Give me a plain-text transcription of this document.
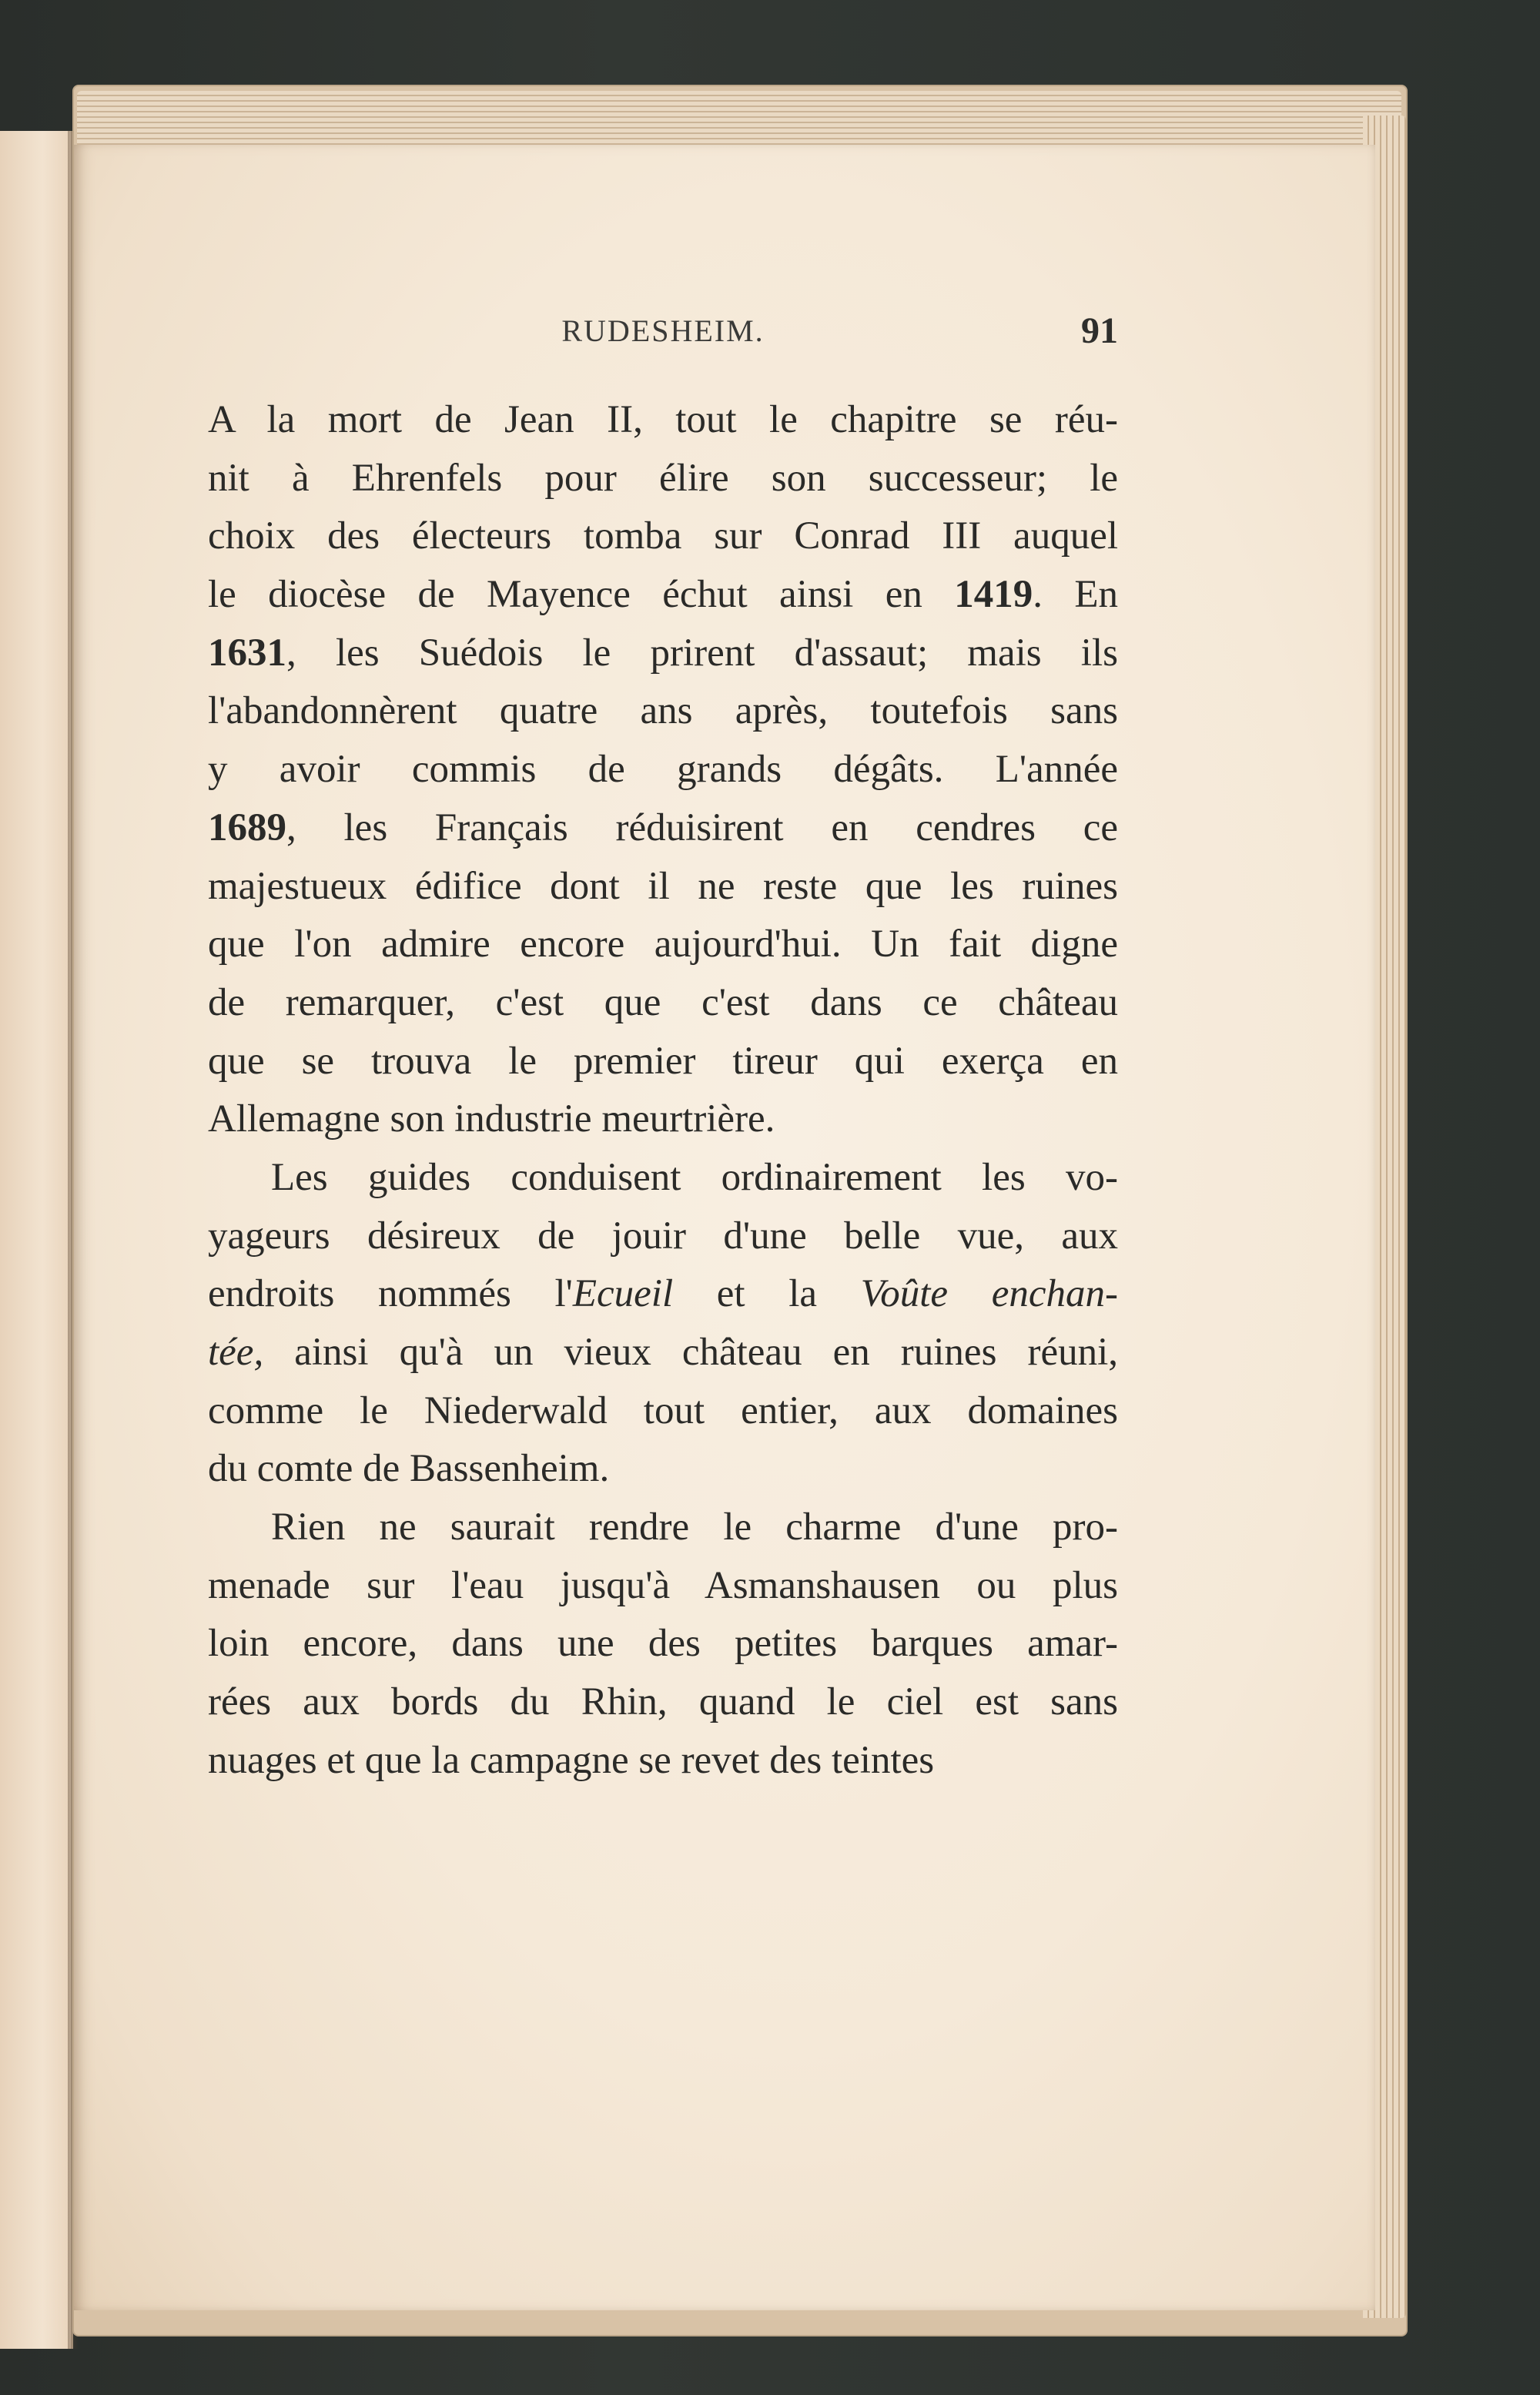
RUDESHEIM.	91

A la mort de Jean II, tout le chapitre se réu-
nit à Ehrenfels pour élire son successeur; le
choix des électeurs tomba sur Conrad III auquel
le diocèse de Mayence échut ainsi en 1419. En
1631, les Suédois le prirent d'assaut; mais ils
l'abandonnèrent quatre ans après, toutefois sans
y avoir commis de grands dégâts. L'année
1689, les Français réduisirent en cendres ce
majestueux édifice dont il ne reste que les ruines
que l'on admire encore aujourd'hui. Un fait digne
de remarquer, c'est que c'est dans ce château
que se trouva le premier tireur qui exerça en
Allemagne son industrie meurtrière.

Les guides conduisent ordinairement les vo-
yageurs désireux de jouir d'une belle vue, aux
endroits nommés l'Ecueil et la Voûte enchan-
tée, ainsi qu'à un vieux château en ruines réuni,
comme le Niederwald tout entier, aux domaines
du comte de Bassenheim.

Rien ne saurait rendre le charme d'une pro-
menade sur l'eau jusqu'à Asmanshausen ou plus
loin encore, dans une des petites barques amar-
rées aux bords du Rhin, quand le ciel est sans
nuages et que la campagne se revet des teintes
